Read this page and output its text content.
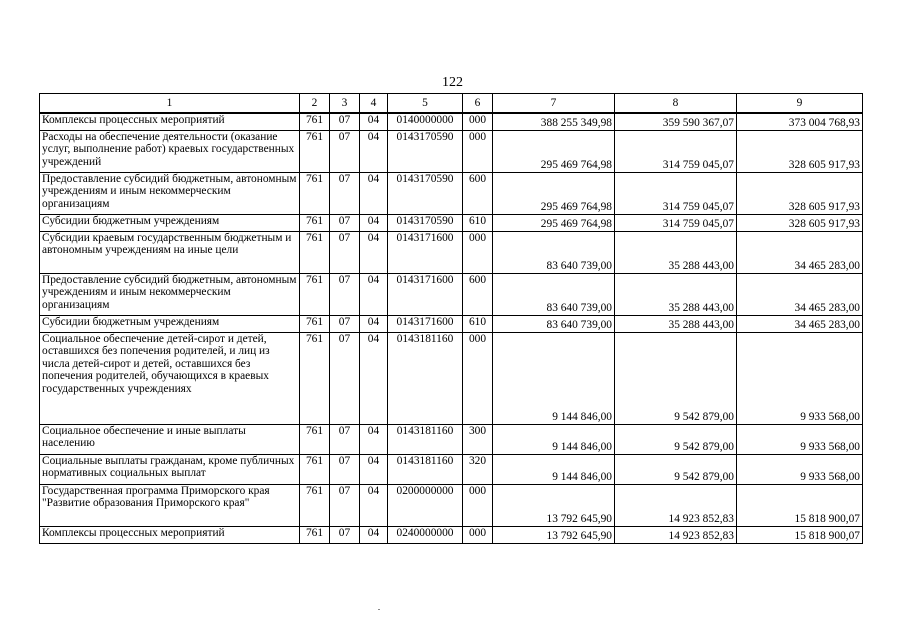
122
1	2	3	4	5	6	7	8	9
Комплексы процессных мероприятий	761	07	04	0140000000	000	388 255 349,98	359 590 367,07	373 004 768,93
Расходы на обеспечение деятельности (оказание услуг, выполнение работ) краевых государственных учреждений	761	07	04	0143170590	000	295 469 764,98	314 759 045,07	328 605 917,93
Предоставление субсидий бюджетным, автономным учреждениям и иным некоммерческим организациям	761	07	04	0143170590	600	295 469 764,98	314 759 045,07	328 605 917,93
Субсидии бюджетным учреждениям	761	07	04	0143170590	610	295 469 764,98	314 759 045,07	328 605 917,93
Субсидии краевым государственным бюджетным и автономным учреждениям на иные цели	761	07	04	0143171600	000	83 640 739,00	35 288 443,00	34 465 283,00
Предоставление субсидий бюджетным, автономным учреждениям и иным некоммерческим организациям	761	07	04	0143171600	600	83 640 739,00	35 288 443,00	34 465 283,00
Субсидии бюджетным учреждениям	761	07	04	0143171600	610	83 640 739,00	35 288 443,00	34 465 283,00
Социальное обеспечение детей-сирот и детей, оставшихся без попечения родителей, и лиц из числа детей-сирот и детей, оставшихся без попечения родителей, обучающихся в краевых государственных учреждениях	761	07	04	0143181160	000	9 144 846,00	9 542 879,00	9 933 568,00
Социальное обеспечение и иные выплаты населению	761	07	04	0143181160	300	9 144 846,00	9 542 879,00	9 933 568,00
Социальные выплаты гражданам, кроме публичных нормативных социальных выплат	761	07	04	0143181160	320	9 144 846,00	9 542 879,00	9 933 568,00
Государственная программа Приморского края "Развитие образования Приморского края"	761	07	04	0200000000	000	13 792 645,90	14 923 852,83	15 818 900,07
Комплексы процессных мероприятий	761	07	04	0240000000	000	13 792 645,90	14 923 852,83	15 818 900,07
